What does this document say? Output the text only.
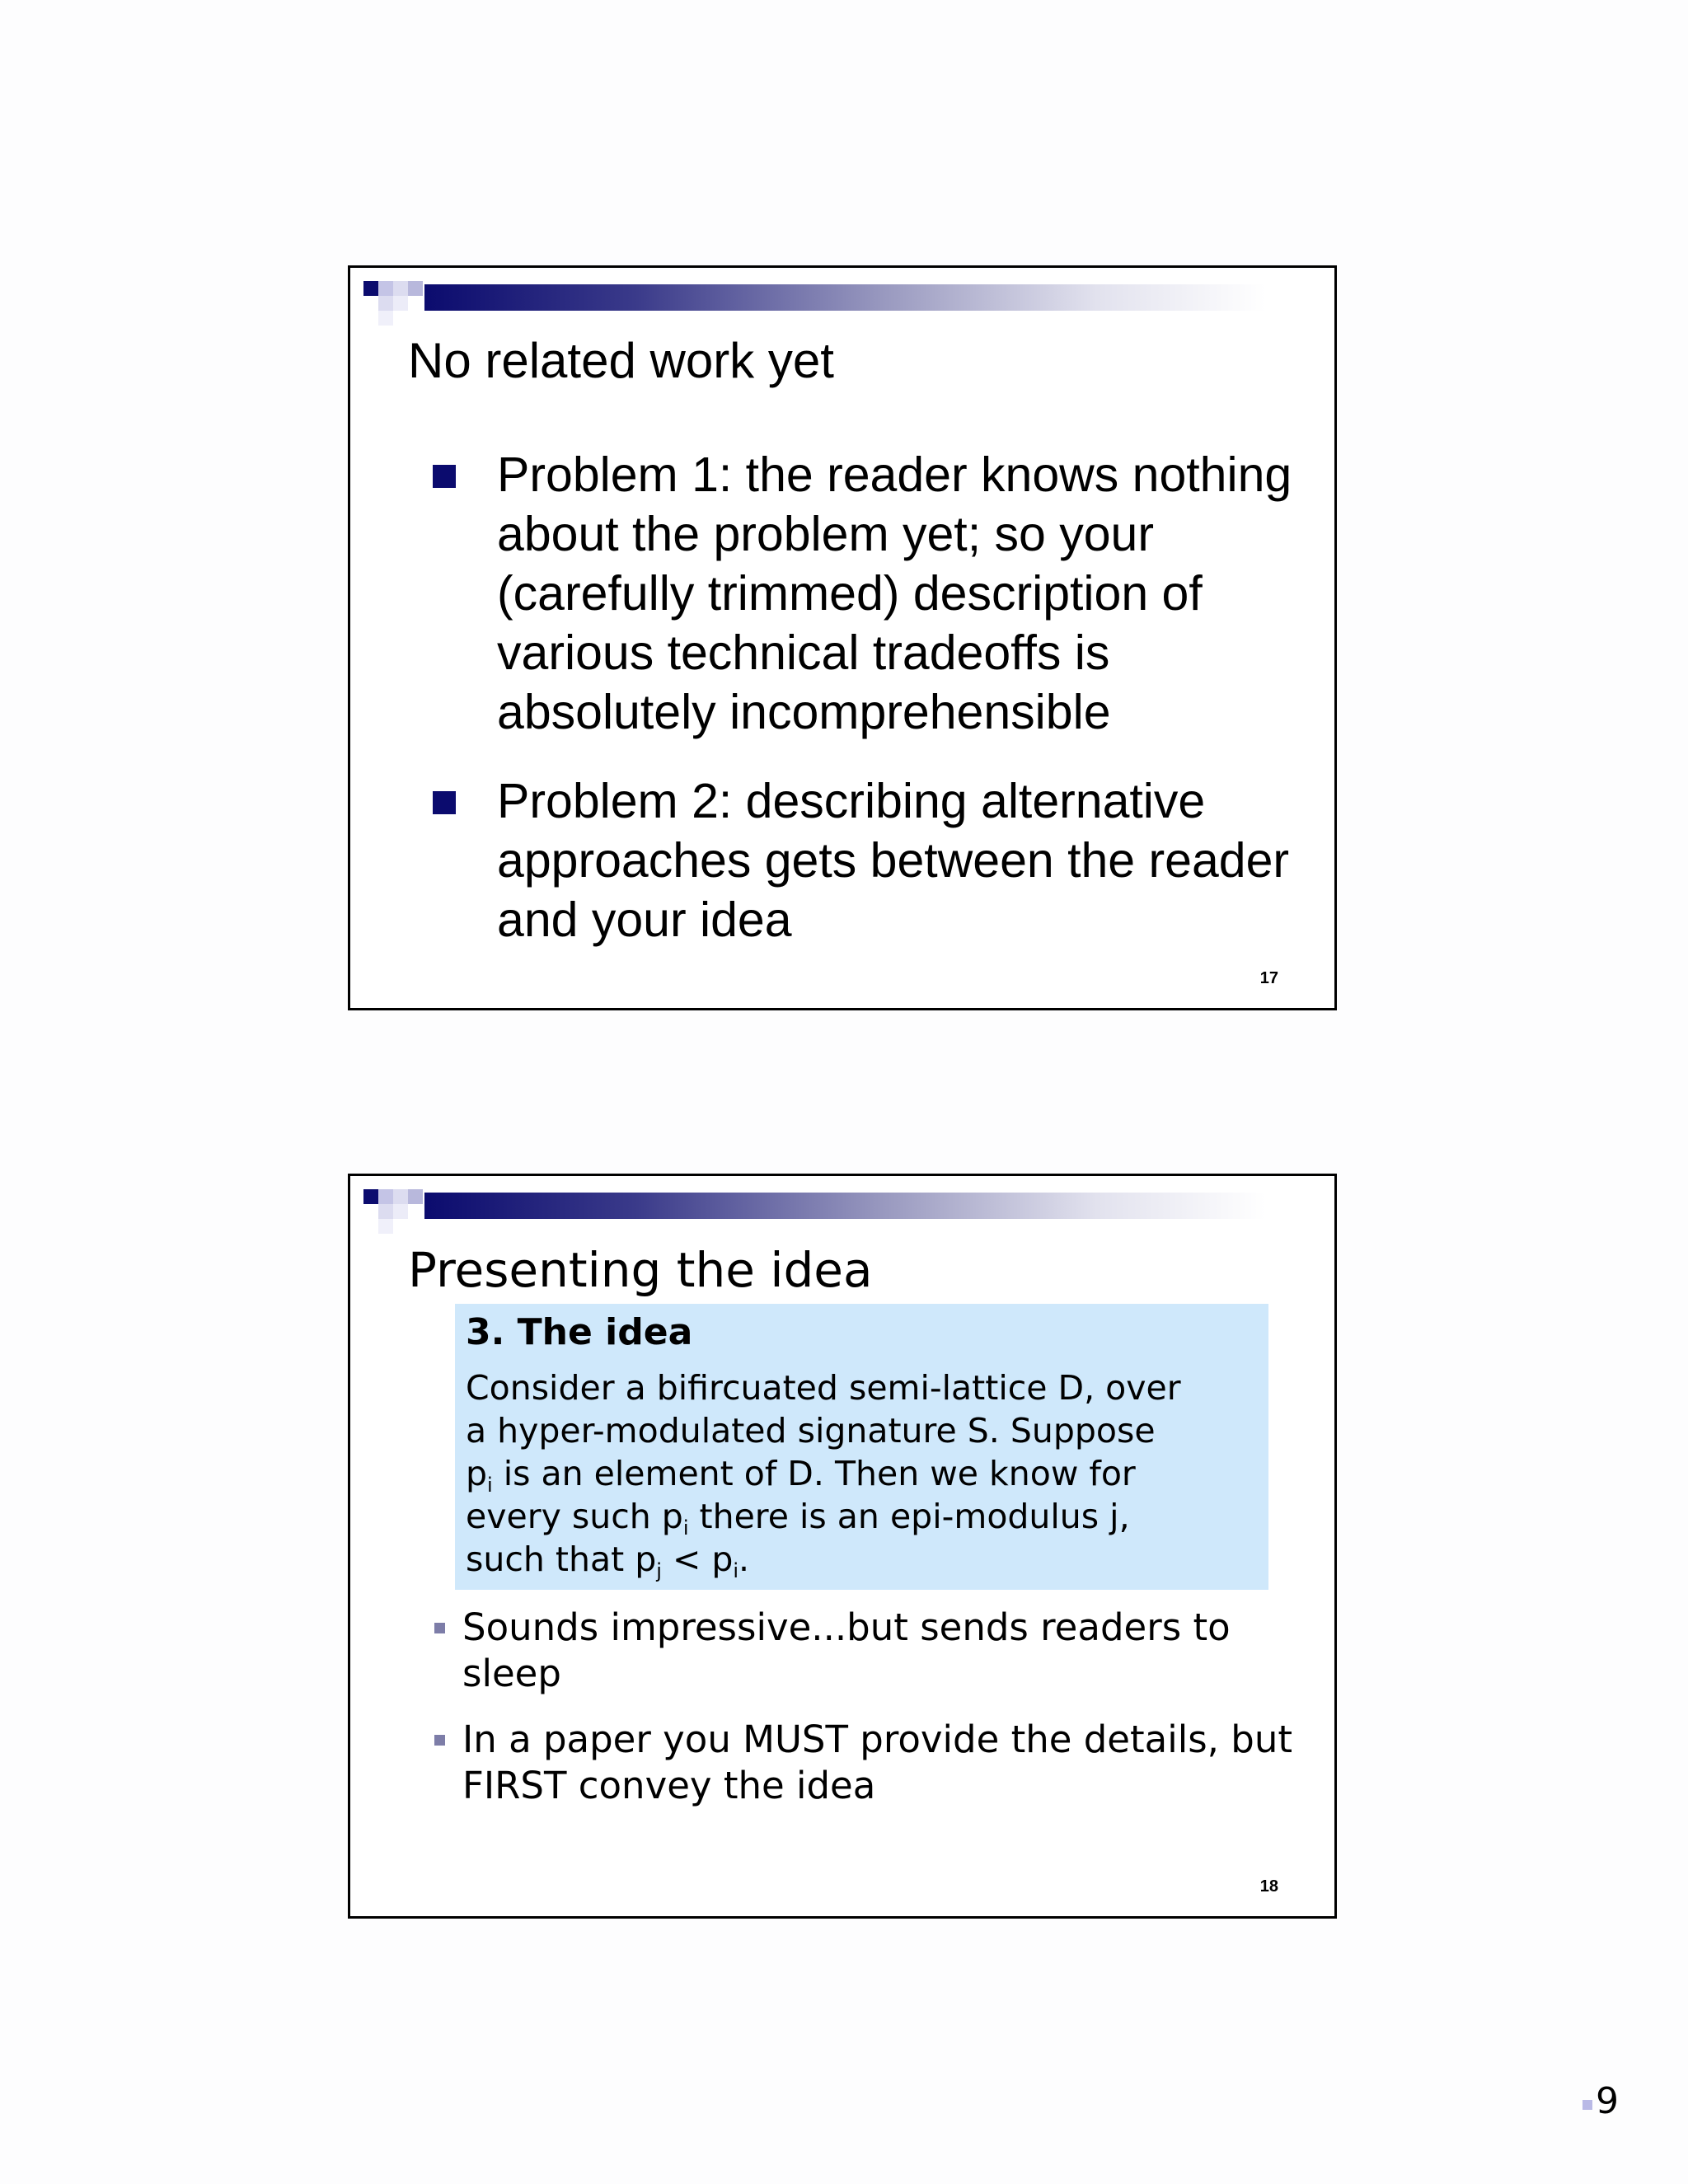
No related work yet
Problem 1: the reader knows nothing about the problem yet; so your (carefully trimmed) description of various technical tradeoffs is absolutely incomprehensible
Problem 2: describing alternative approaches gets between the reader and your idea
17
Presenting the idea
3. The idea
Consider a bifircuated semi-lattice D, over
a hyper-modulated signature S. Suppose
$p_i$ is an element of D. Then we know for
every such $p_i$ there is an epi-modulus j,
such that $p_j < p_i$.
Sounds impressive...but sends readers to sleep
In a paper you MUST provide the details, but FIRST convey the idea
18
9
